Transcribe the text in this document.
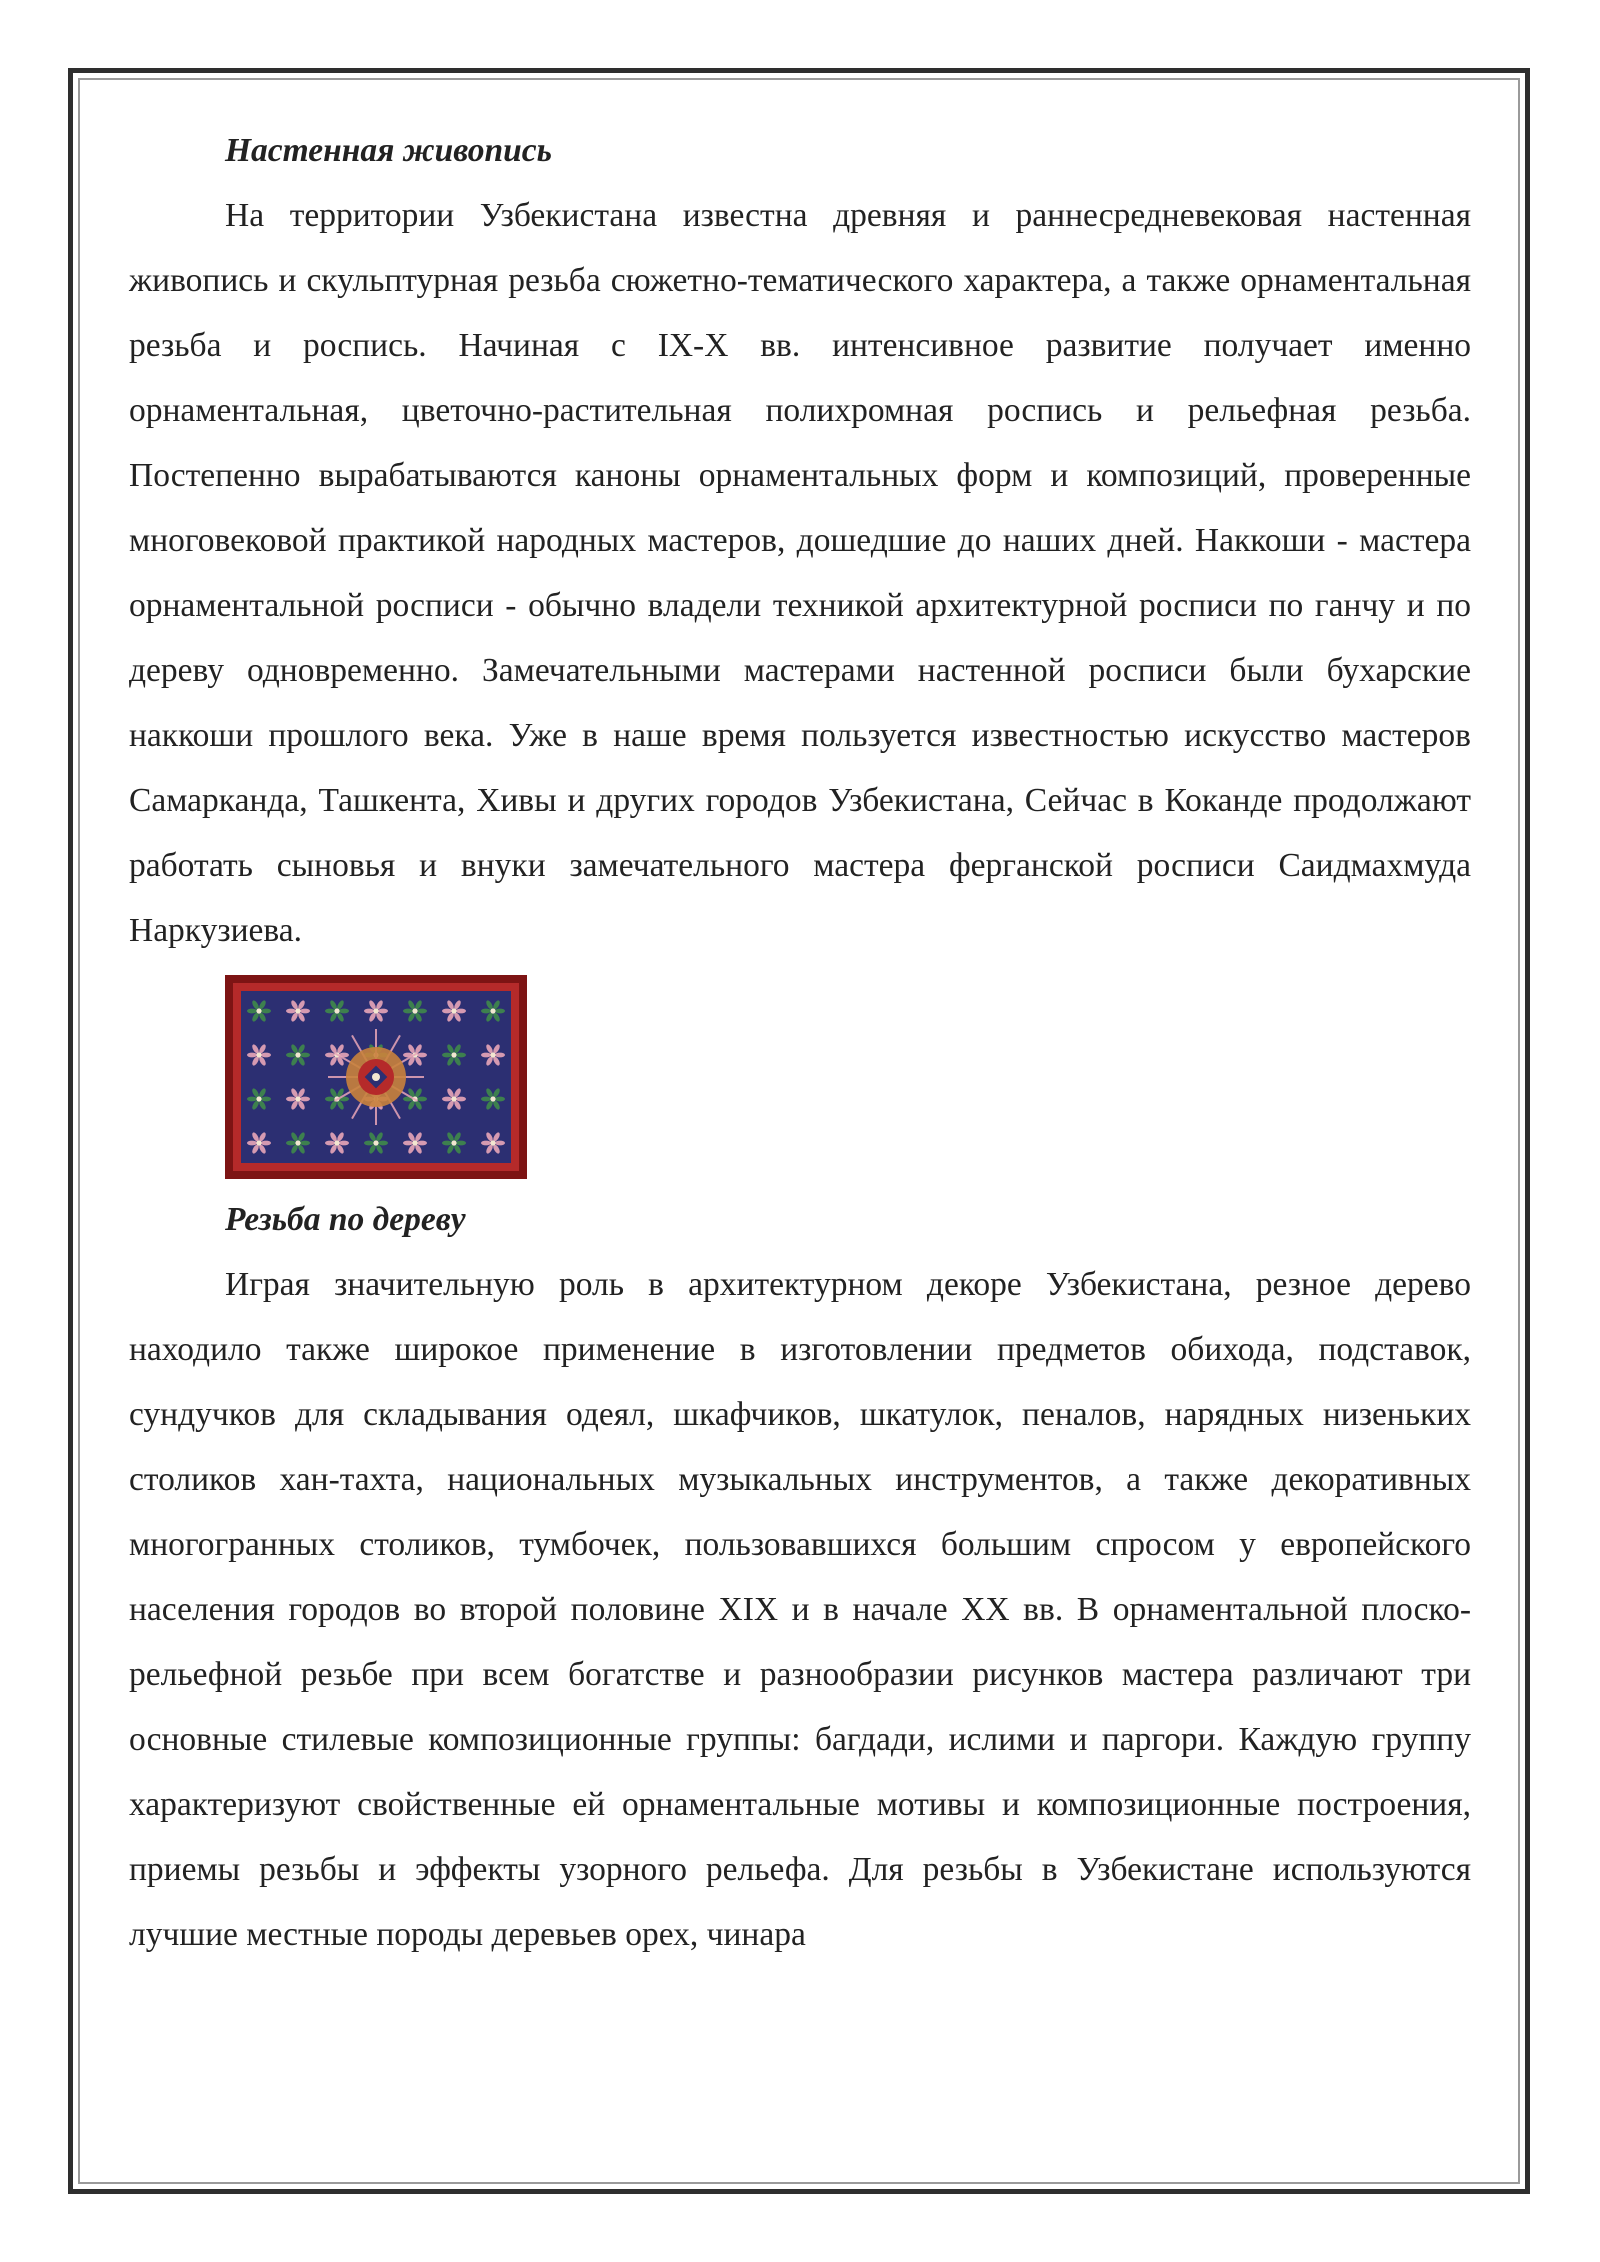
Настенная живопись

На территории Узбекистана известна древняя и раннесредневековая настенная живопись и скульптурная резьба сюжетно-тематического характера, а также орнаментальная резьба и роспись. Начиная с IX-X вв. интенсивное развитие получает именно орнаментальная, цветочно-растительная полихромная роспись и рельефная резьба. Постепенно вырабатываются каноны орнаментальных форм и композиций, проверенные многовековой практикой народных мастеров, дошедшие до наших дней. Наккоши - мастера орнаментальной росписи - обычно владели техникой архитектурной росписи по ганчу и по дереву одновременно. Замечательными мастерами настенной росписи были бухарские наккоши прошлого века. Уже в наше время пользуется известностью искусство мастеров Самарканда, Ташкента, Хивы и других городов Узбекистана, Сейчас в Коканде продолжают работать сыновья и внуки замечательного мастера ферганской росписи Саидмахмуда Наркузиева.

Резьба по дереву

Играя значительную роль в архитектурном декоре Узбекистана, резное дерево находило также широкое применение в изготовлении предметов обихода, подставок, сундучков для складывания одеял, шкафчиков, шкатулок, пеналов, нарядных низеньких столиков хан-тахта, национальных музыкальных инструментов, а также декоративных многогранных столиков, тумбочек, пользовавшихся большим спросом у европейского населения городов во второй половине XIX и в начале XX вв. В орнаментальной плоско-рельефной резьбе при всем богатстве и разнообразии рисунков мастера различают три основные стилевые композиционные группы: багдади, ислими и паргори. Каждую группу характеризуют свойственные ей орнаментальные мотивы и композиционные построения, приемы резьбы и эффекты узорного рельефа. Для резьбы в Узбекистане используются лучшие местные породы деревьев орех, чинара
